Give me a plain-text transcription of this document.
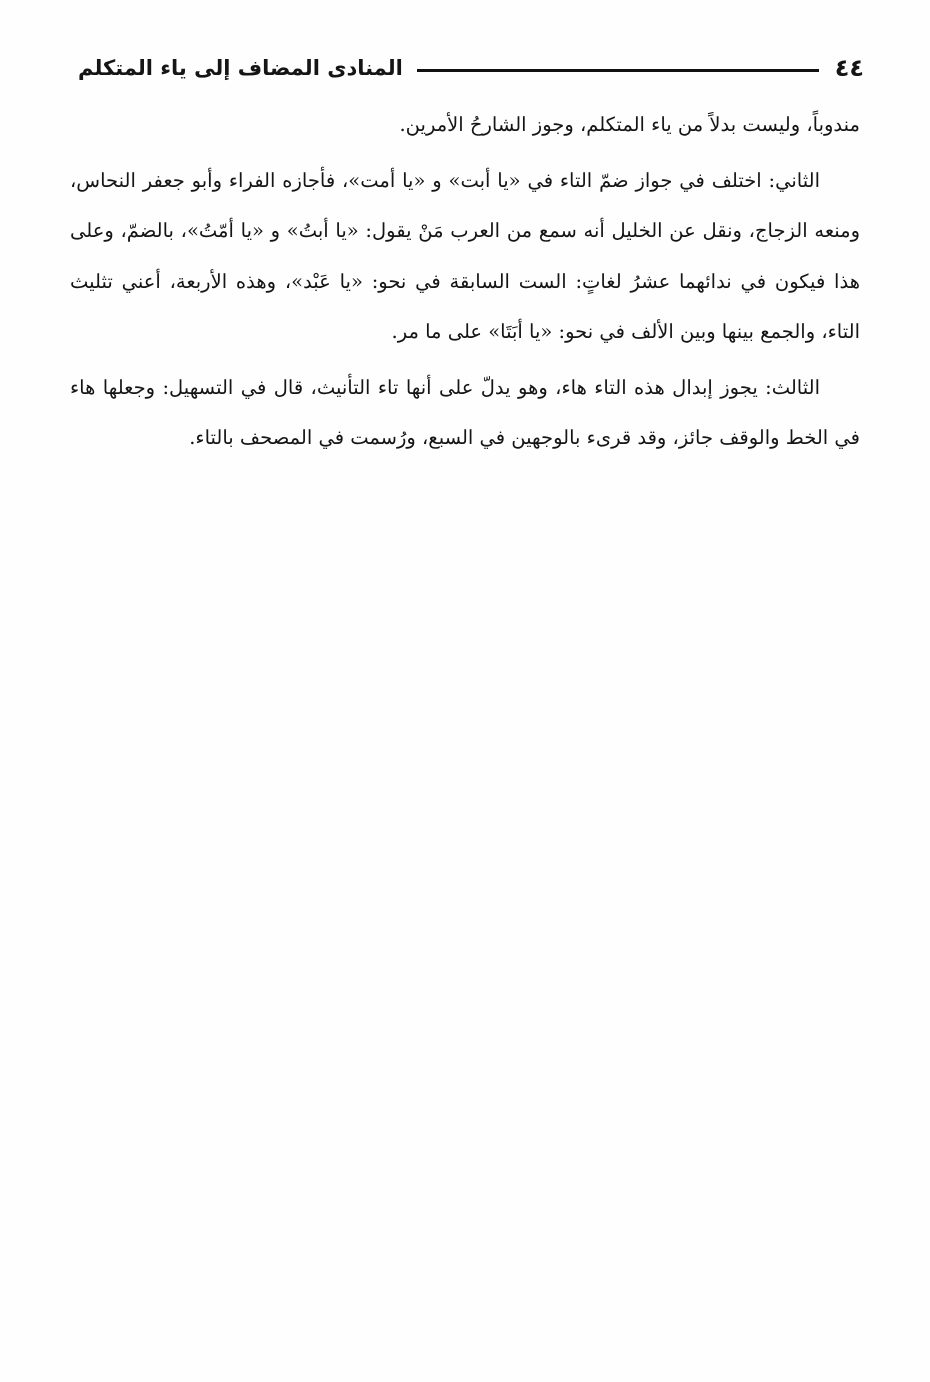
٤٤
المنادى المضاف إلى ياء المتكلم

مندوباً، وليست بدلاً من ياء المتكلم، وجوز الشارحُ الأمرين.

الثاني: اختلف في جواز ضمّ التاء في «يا أبت» و «يا أمت»، فأجازه الفراء وأبو جعفر النحاس، ومنعه الزجاج، ونقل عن الخليل أنه سمع من العرب مَنْ يقول: «يا أبتُ» و «يا أمّتُ»، بالضمّ، وعلى هذا فيكون في ندائهما عشرُ لغاتٍ: الست السابقة في نحو: «يا عَبْد»، وهذه الأربعة، أعني تثليث التاء، والجمع بينها وبين الألف في نحو: «يا أبَتَا» على ما مر.

الثالث: يجوز إبدال هذه التاء هاء، وهو يدلّ على أنها تاء التأنيث، قال في التسهيل: وجعلها هاء في الخط والوقف جائز، وقد قرىء بالوجهين في السبع، ورُسمت في المصحف بالتاء.
